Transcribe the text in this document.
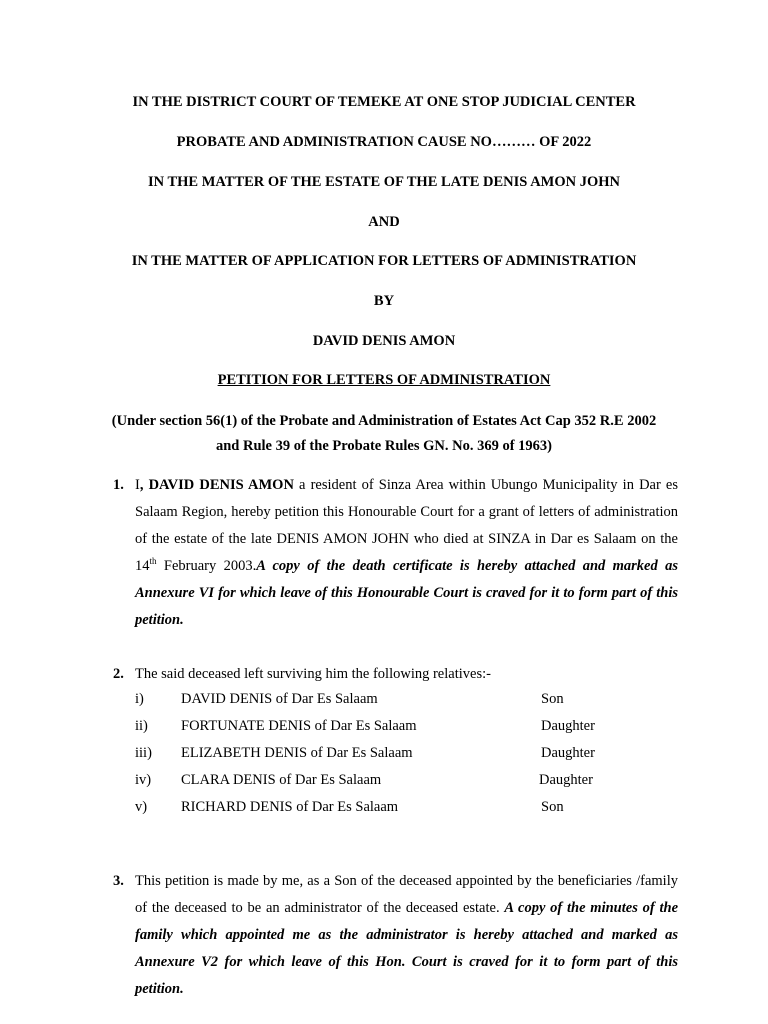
IN THE DISTRICT COURT OF TEMEKE AT ONE STOP JUDICIAL CENTER

PROBATE AND ADMINISTRATION CAUSE NO……… OF 2022

IN THE MATTER OF THE ESTATE OF THE LATE DENIS AMON JOHN

AND

IN THE MATTER OF APPLICATION FOR LETTERS OF ADMINISTRATION

BY

DAVID DENIS AMON

PETITION FOR LETTERS OF ADMINISTRATION

(Under section 56(1) of the Probate and Administration of Estates Act Cap 352 R.E 2002

and Rule 39 of the Probate Rules GN. No. 369 of 1963)

1. I, DAVID DENIS AMON a resident of Sinza Area within Ubungo Municipality in Dar es Salaam Region, hereby petition this Honourable Court for a grant of letters of administration of the estate of the late DENIS AMON JOHN who died at SINZA in Dar es Salaam on the 14th February 2003.A copy of the death certificate is hereby attached and marked as Annexure VI for which leave of this Honourable Court is craved for it to form part of this petition.

2. The said deceased left surviving him the following relatives:-

i)	DAVID DENIS of Dar Es Salaam	Son
ii) FORTUNATE DENIS of Dar Es Salaam	Daughter
iii) ELIZABETH DENIS of Dar Es Salaam	Daughter
iv) CLARA DENIS of Dar Es Salaam	Daughter
v) RICHARD DENIS of Dar Es Salaam	Son
3. This petition is made by me, as a Son of the deceased appointed by the beneficiaries /family of the deceased to be an administrator of the deceased estate. A copy of the minutes of the family which appointed me as the administrator is hereby attached and marked as Annexure V2 for which leave of this Hon. Court is craved for it to form part of this petition.
